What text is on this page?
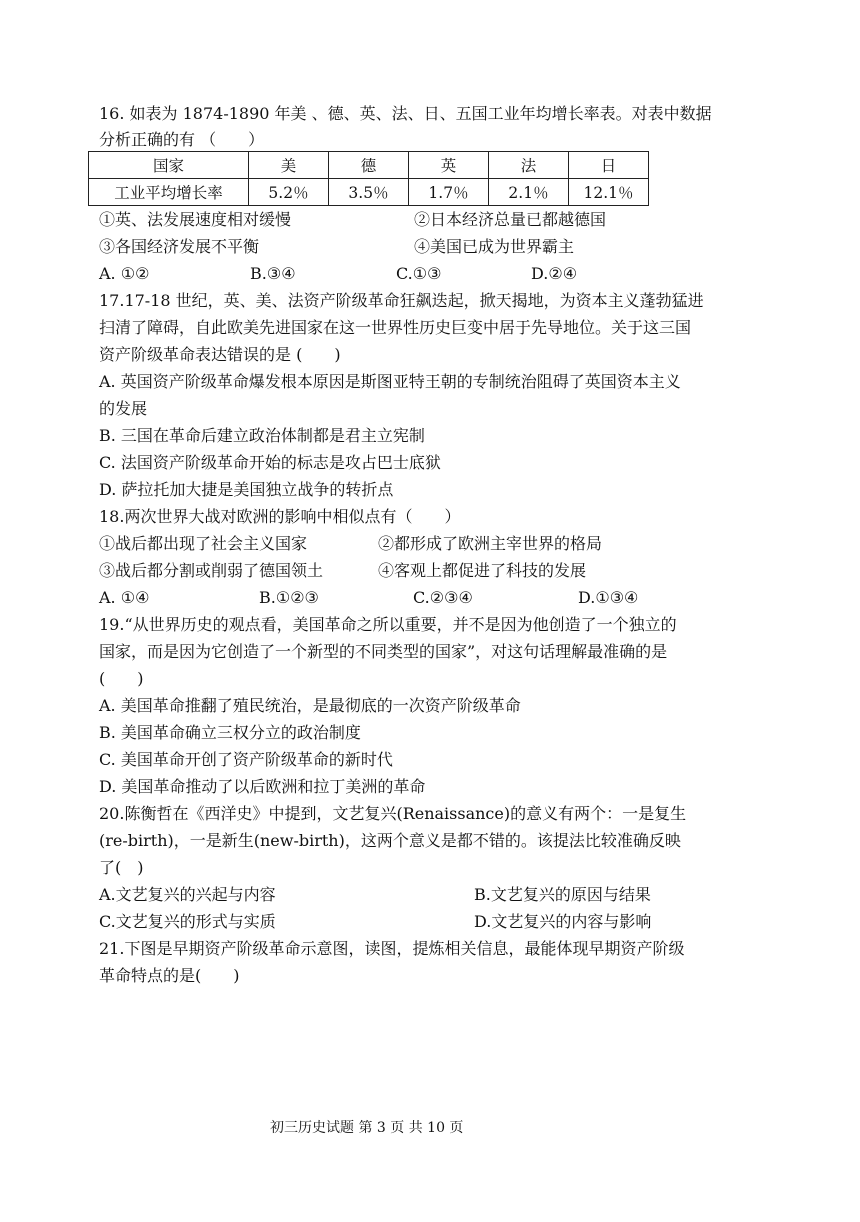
16. 如表为 1874-1890 年美 、德、英、法、日、五国工业年均增长率表。对表中数据
分析正确的有 （　　）
国家	美	德	英	法	日
工业平均增长率	5.2％	3.5％	1.7％	2.1％	12.1％
①英、法发展速度相对缓慢	②日本经济总量已都越德国
③各国经济发展不平衡	④美国已成为世界霸主
A. ①②	B.③④	C.①③	D.②④
17.17-18 世纪，英、美、法资产阶级革命狂飙迭起，掀天揭地，为资本主义蓬勃猛进
扫清了障碍，自此欧美先进国家在这一世界性历史巨变中居于先导地位。关于这三国
资产阶级革命表达错误的是 (　　)
A. 英国资产阶级革命爆发根本原因是斯图亚特王朝的专制统治阻碍了英国资本主义
的发展
B. 三国在革命后建立政治体制都是君主立宪制
C. 法国资产阶级革命开始的标志是攻占巴士底狱
D. 萨拉托加大捷是美国独立战争的转折点
18.两次世界大战对欧洲的影响中相似点有（　　）
①战后都出现了社会主义国家	②都形成了欧洲主宰世界的格局
③战后都分割或削弱了德国领土	④客观上都促进了科技的发展
A. ①④	B.①②③	C.②③④	D.①③④
19.“从世界历史的观点看，美国革命之所以重要，并不是因为他创造了一个独立的
国家，而是因为它创造了一个新型的不同类型的国家”，对这句话理解最准确的是
(　　)
A. 美国革命推翻了殖民统治，是最彻底的一次资产阶级革命
B. 美国革命确立三权分立的政治制度
C. 美国革命开创了资产阶级革命的新时代
D. 美国革命推动了以后欧洲和拉丁美洲的革命
20.陈衡哲在《西洋史》中提到，文艺复兴(Renaissance)的意义有两个：一是复生
(re-birth)，一是新生(new-birth)，这两个意义是都不错的。该提法比较准确反映
了(　)
A.文艺复兴的兴起与内容	B.文艺复兴的原因与结果
C.文艺复兴的形式与实质	D.文艺复兴的内容与影响
21.下图是早期资产阶级革命示意图，读图，提炼相关信息，最能体现早期资产阶级
革命特点的是(　　)
初三历史试题 第 3 页 共 10 页
